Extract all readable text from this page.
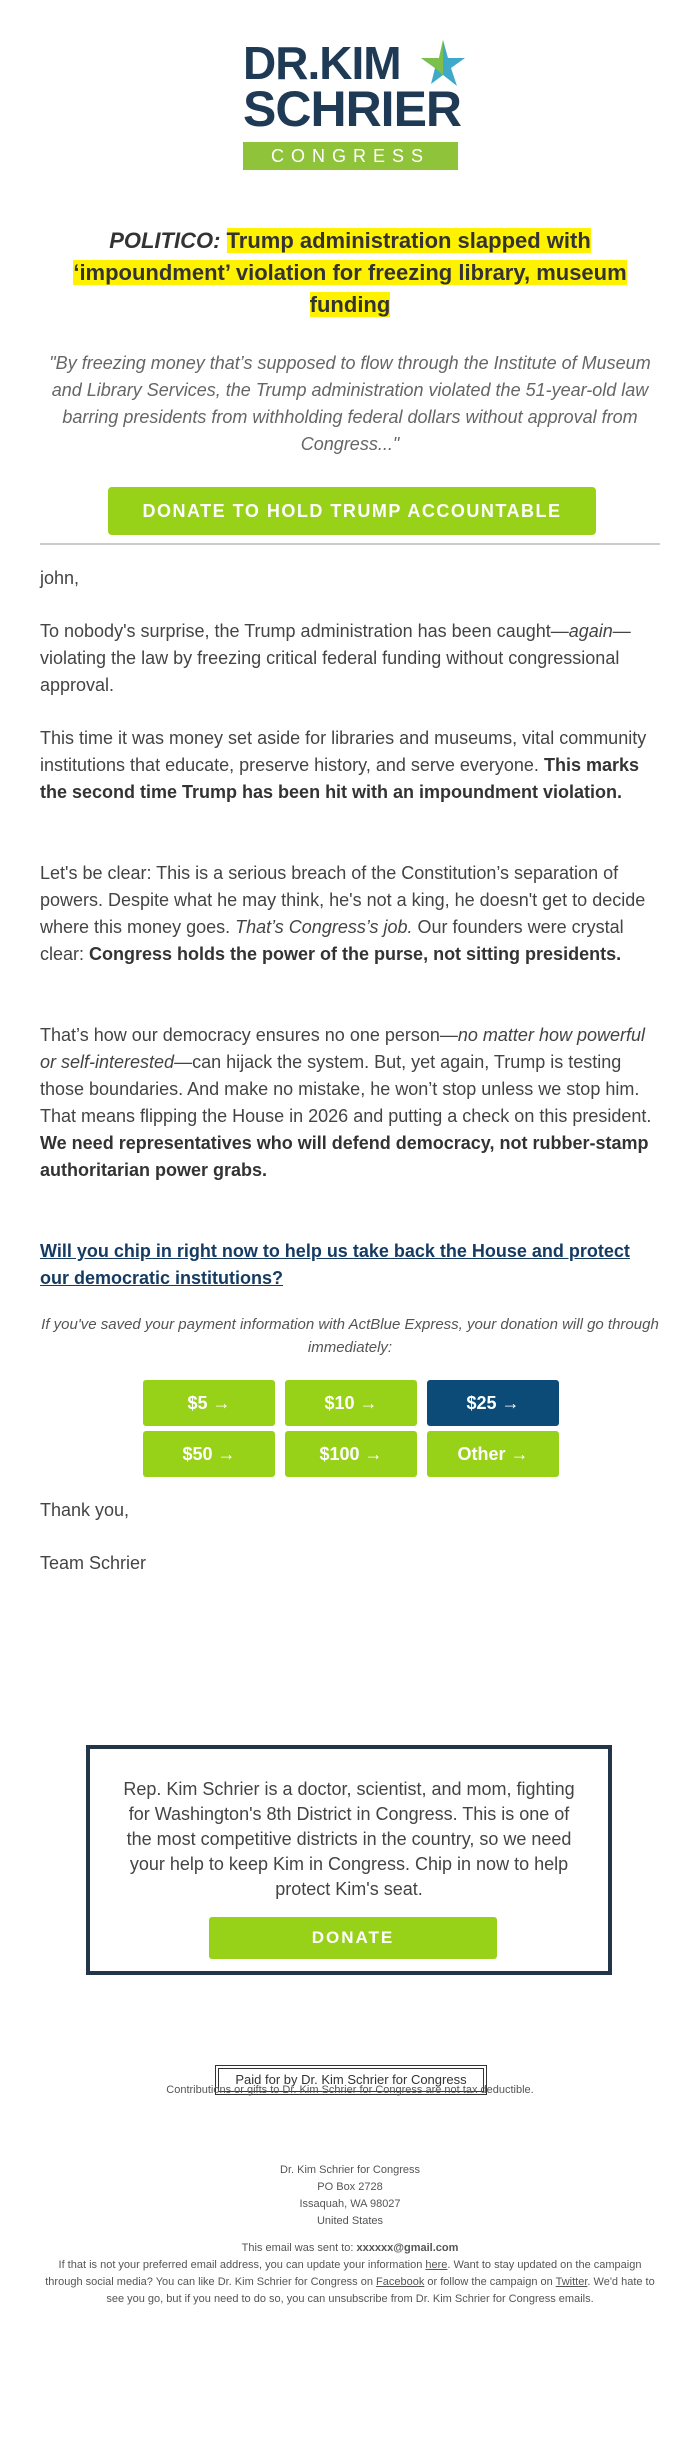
DR.KIM
SCHRIER
CONGRESS
POLITICO: Trump administration slapped with ‘impoundment’ violation for freezing library, museum funding
"By freezing money that’s supposed to flow through the Institute of Museum and Library Services, the Trump administration violated the 51-year-old law barring presidents from withholding federal dollars without approval from Congress..."
DONATE TO HOLD TRUMP ACCOUNTABLE
john,
To nobody's surprise, the Trump administration has been caught—again—violating the law by freezing critical federal funding without congressional approval.
This time it was money set aside for libraries and museums, vital community institutions that educate, preserve history, and serve everyone. This marks the second time Trump has been hit with an impoundment violation.
Let's be clear: This is a serious breach of the Constitution’s separation of powers. Despite what he may think, he's not a king, he doesn't get to decide where this money goes. That’s Congress’s job. Our founders were crystal clear: Congress holds the power of the purse, not sitting presidents.
That’s how our democracy ensures no one person—no matter how powerful or self-interested—can hijack the system. But, yet again, Trump is testing those boundaries. And make no mistake, he won’t stop unless we stop him. That means flipping the House in 2026 and putting a check on this president. We need representatives who will defend democracy, not rubber-stamp authoritarian power grabs.
Will you chip in right now to help us take back the House and protect our democratic institutions?
If you've saved your payment information with ActBlue Express, your donation will go through immediately:
$5 →	$10 →	$25 →
$50 →	$100 →	Other →
Thank you,
Team Schrier
Rep. Kim Schrier is a doctor, scientist, and mom, fighting for Washington's 8th District in Congress. This is one of the most competitive districts in the country, so we need your help to keep Kim in Congress. Chip in now to help protect Kim's seat.
DONATE
Paid for by Dr. Kim Schrier for Congress
Contributions or gifts to Dr. Kim Schrier for Congress are not tax deductible.
Dr. Kim Schrier for Congress
PO Box 2728
Issaquah, WA 98027
United States
This email was sent to: xxxxxx@gmail.com
If that is not your preferred email address, you can update your information here. Want to stay updated on the campaign through social media? You can like Dr. Kim Schrier for Congress on Facebook or follow the campaign on Twitter. We'd hate to see you go, but if you need to do so, you can unsubscribe from Dr. Kim Schrier for Congress emails.
